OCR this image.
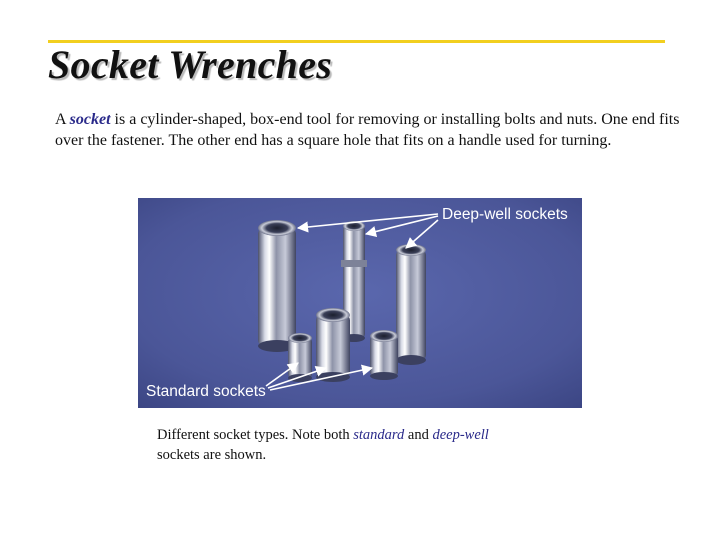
Socket Wrenches

A socket is a cylinder-shaped, box-end tool for removing or installing bolts and nuts. One end fits over the fastener. The other end has a square hole that fits on a handle used for turning.

Deep-well sockets
Standard sockets

Different socket types. Note both standard and deep-well
sockets are shown.
